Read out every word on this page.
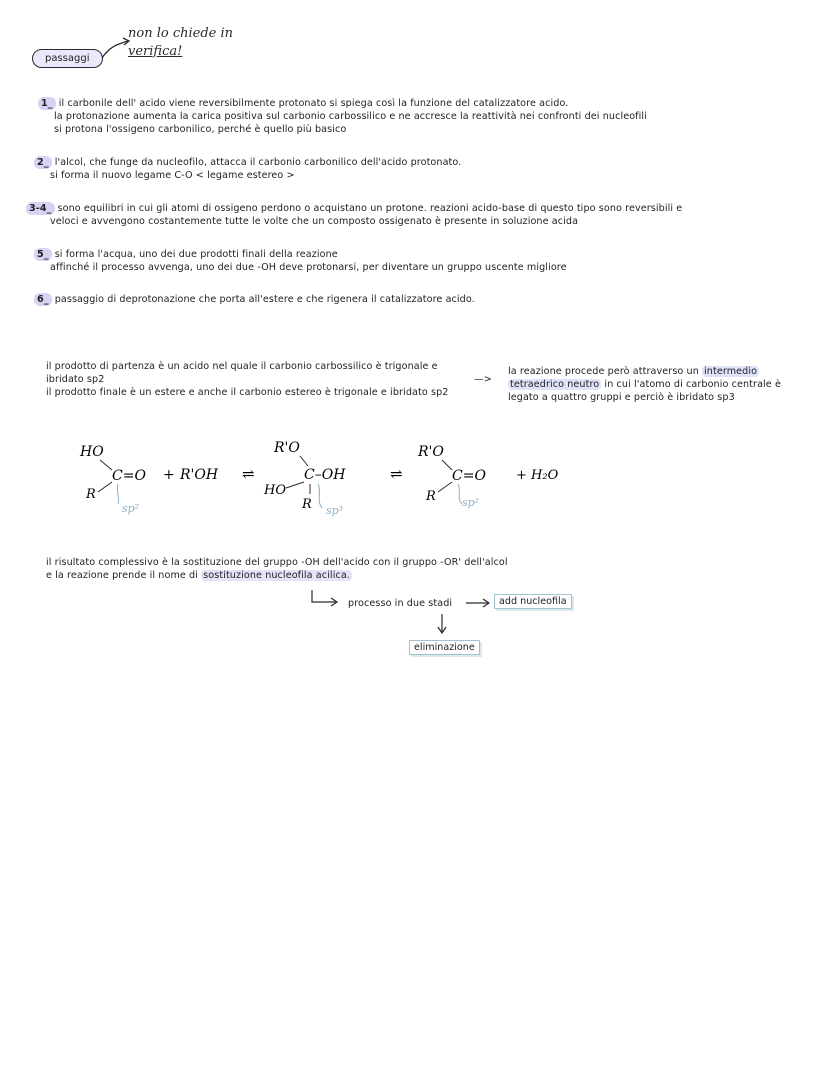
passaggi
non lo chiede in
verifica!
1_ il carbonile dell' acido viene reversibilmente protonato si spiega così la funzione del catalizzatore acido.
la protonazione aumenta la carica positiva sul carbonio carbossilico e ne accresce la reattività nei confronti dei nucleofili
si protona l'ossigeno carbonilico, perché è quello più basico
2_ l'alcol, che funge da nucleofilo, attacca il carbonio carbonilico dell'acido protonato.
si forma il nuovo legame C-O < legame estereo >
3-4_ sono equilibri in cui gli atomi di ossigeno perdono o acquistano un protone. reazioni acido-base di questo tipo sono reversibili e
veloci e avvengono costantemente tutte le volte che un composto ossigenato è presente in soluzione acida
5_ si forma l'acqua, uno dei due prodotti finali della reazione
affinché il processo avvenga, uno dei due -OH deve protonarsi, per diventare un gruppo uscente migliore
6_ passaggio di deprotonazione che porta all'estere e che rigenera il catalizzatore acido.
il prodotto di partenza è un acido nel quale il carbonio carbossilico è trigonale e
ibridato sp2
il prodotto finale è un estere e anche il carbonio estereo è trigonale e ibridato sp2
—>
la reazione procede però attraverso un intermedio
tetraedrico neutro in cui l'atomo di carbonio centrale è
legato a quattro gruppi e perciò è ibridato sp3
HO
C=O
R
sp²
+ R'OH ⇌
R'O
C–OH
HO
R sp³
⇌
R'O
C=O
R sp²
+ H₂O
il risultato complessivo è la sostituzione del gruppo -OH dell'acido con il gruppo -OR' dell'alcol
e la reazione prende il nome di sostituzione nucleofila acilica.
processo in due stadi	add nucleofila
eliminazione
